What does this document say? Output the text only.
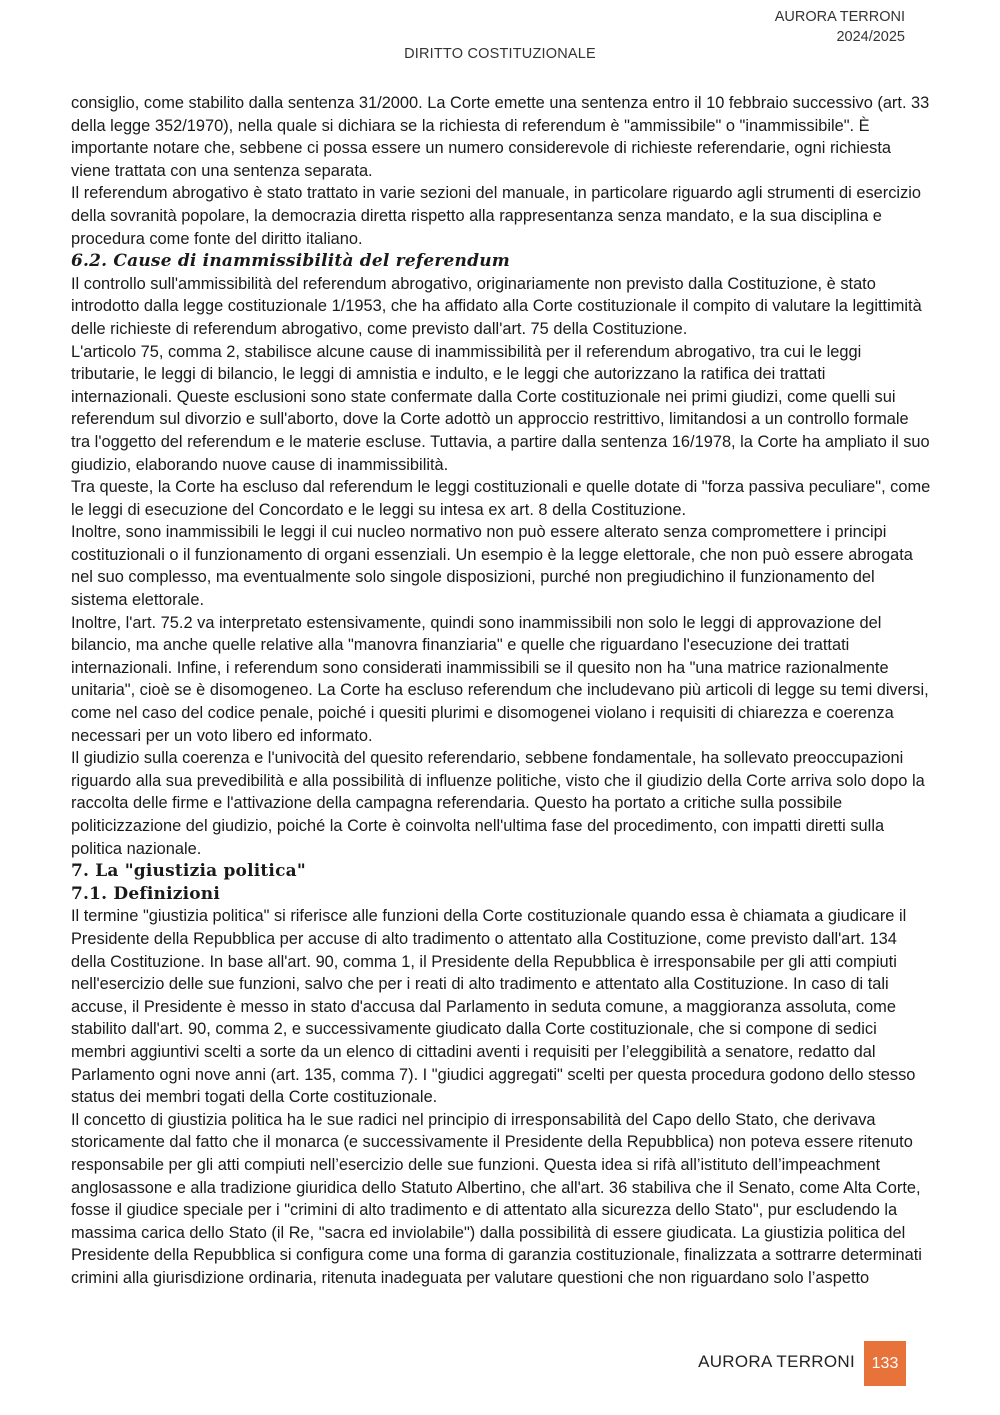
AURORA TERRONI
2024/2025
DIRITTO COSTITUZIONALE

consiglio, come stabilito dalla sentenza 31/2000. La Corte emette una sentenza entro il 10 febbraio successivo (art. 33 della legge 352/1970), nella quale si dichiara se la richiesta di referendum è "ammissibile" o "inammissibile". È importante notare che, sebbene ci possa essere un numero considerevole di richieste referendarie, ogni richiesta viene trattata con una sentenza separata.

Il referendum abrogativo è stato trattato in varie sezioni del manuale, in particolare riguardo agli strumenti di esercizio della sovranità popolare, la democrazia diretta rispetto alla rappresentanza senza mandato, e la sua disciplina e procedura come fonte del diritto italiano.

6.2. Cause di inammissibilità del referendum

Il controllo sull'ammissibilità del referendum abrogativo, originariamente non previsto dalla Costituzione, è stato introdotto dalla legge costituzionale 1/1953, che ha affidato alla Corte costituzionale il compito di valutare la legittimità delle richieste di referendum abrogativo, come previsto dall'art. 75 della Costituzione.

L'articolo 75, comma 2, stabilisce alcune cause di inammissibilità per il referendum abrogativo, tra cui le leggi tributarie, le leggi di bilancio, le leggi di amnistia e indulto, e le leggi che autorizzano la ratifica dei trattati internazionali. Queste esclusioni sono state confermate dalla Corte costituzionale nei primi giudizi, come quelli sui referendum sul divorzio e sull'aborto, dove la Corte adottò un approccio restrittivo, limitandosi a un controllo formale tra l'oggetto del referendum e le materie escluse. Tuttavia, a partire dalla sentenza 16/1978, la Corte ha ampliato il suo giudizio, elaborando nuove cause di inammissibilità.

Tra queste, la Corte ha escluso dal referendum le leggi costituzionali e quelle dotate di "forza passiva peculiare", come le leggi di esecuzione del Concordato e le leggi su intesa ex art. 8 della Costituzione.

Inoltre, sono inammissibili le leggi il cui nucleo normativo non può essere alterato senza compromettere i principi costituzionali o il funzionamento di organi essenziali. Un esempio è la legge elettorale, che non può essere abrogata nel suo complesso, ma eventualmente solo singole disposizioni, purché non pregiudichino il funzionamento del sistema elettorale.

Inoltre, l'art. 75.2 va interpretato estensivamente, quindi sono inammissibili non solo le leggi di approvazione del bilancio, ma anche quelle relative alla "manovra finanziaria" e quelle che riguardano l'esecuzione dei trattati internazionali. Infine, i referendum sono considerati inammissibili se il quesito non ha "una matrice razionalmente unitaria", cioè se è disomogeneo. La Corte ha escluso referendum che includevano più articoli di legge su temi diversi, come nel caso del codice penale, poiché i quesiti plurimi e disomogenei violano i requisiti di chiarezza e coerenza necessari per un voto libero ed informato.

Il giudizio sulla coerenza e l'univocità del quesito referendario, sebbene fondamentale, ha sollevato preoccupazioni riguardo alla sua prevedibilità e alla possibilità di influenze politiche, visto che il giudizio della Corte arriva solo dopo la raccolta delle firme e l'attivazione della campagna referendaria. Questo ha portato a critiche sulla possibile politicizzazione del giudizio, poiché la Corte è coinvolta nell'ultima fase del procedimento, con impatti diretti sulla politica nazionale.

7. La "giustizia politica"
7.1. Definizioni

Il termine "giustizia politica" si riferisce alle funzioni della Corte costituzionale quando essa è chiamata a giudicare il Presidente della Repubblica per accuse di alto tradimento o attentato alla Costituzione, come previsto dall'art. 134 della Costituzione. In base all'art. 90, comma 1, il Presidente della Repubblica è irresponsabile per gli atti compiuti nell'esercizio delle sue funzioni, salvo che per i reati di alto tradimento e attentato alla Costituzione. In caso di tali accuse, il Presidente è messo in stato d'accusa dal Parlamento in seduta comune, a maggioranza assoluta, come stabilito dall'art. 90, comma 2, e successivamente giudicato dalla Corte costituzionale, che si compone di sedici membri aggiuntivi scelti a sorte da un elenco di cittadini aventi i requisiti per l’eleggibilità a senatore, redatto dal Parlamento ogni nove anni (art. 135, comma 7). I "giudici aggregati" scelti per questa procedura godono dello stesso status dei membri togati della Corte costituzionale.

Il concetto di giustizia politica ha le sue radici nel principio di irresponsabilità del Capo dello Stato, che derivava storicamente dal fatto che il monarca (e successivamente il Presidente della Repubblica) non poteva essere ritenuto responsabile per gli atti compiuti nell’esercizio delle sue funzioni. Questa idea si rifà all’istituto dell’impeachment anglosassone e alla tradizione giuridica dello Statuto Albertino, che all'art. 36 stabiliva che il Senato, come Alta Corte, fosse il giudice speciale per i "crimini di alto tradimento e di attentato alla sicurezza dello Stato", pur escludendo la massima carica dello Stato (il Re, "sacra ed inviolabile") dalla possibilità di essere giudicata. La giustizia politica del Presidente della Repubblica si configura come una forma di garanzia costituzionale, finalizzata a sottrarre determinati crimini alla giurisdizione ordinaria, ritenuta inadeguata per valutare questioni che non riguardano solo l’aspetto

AURORA TERRONI 133
